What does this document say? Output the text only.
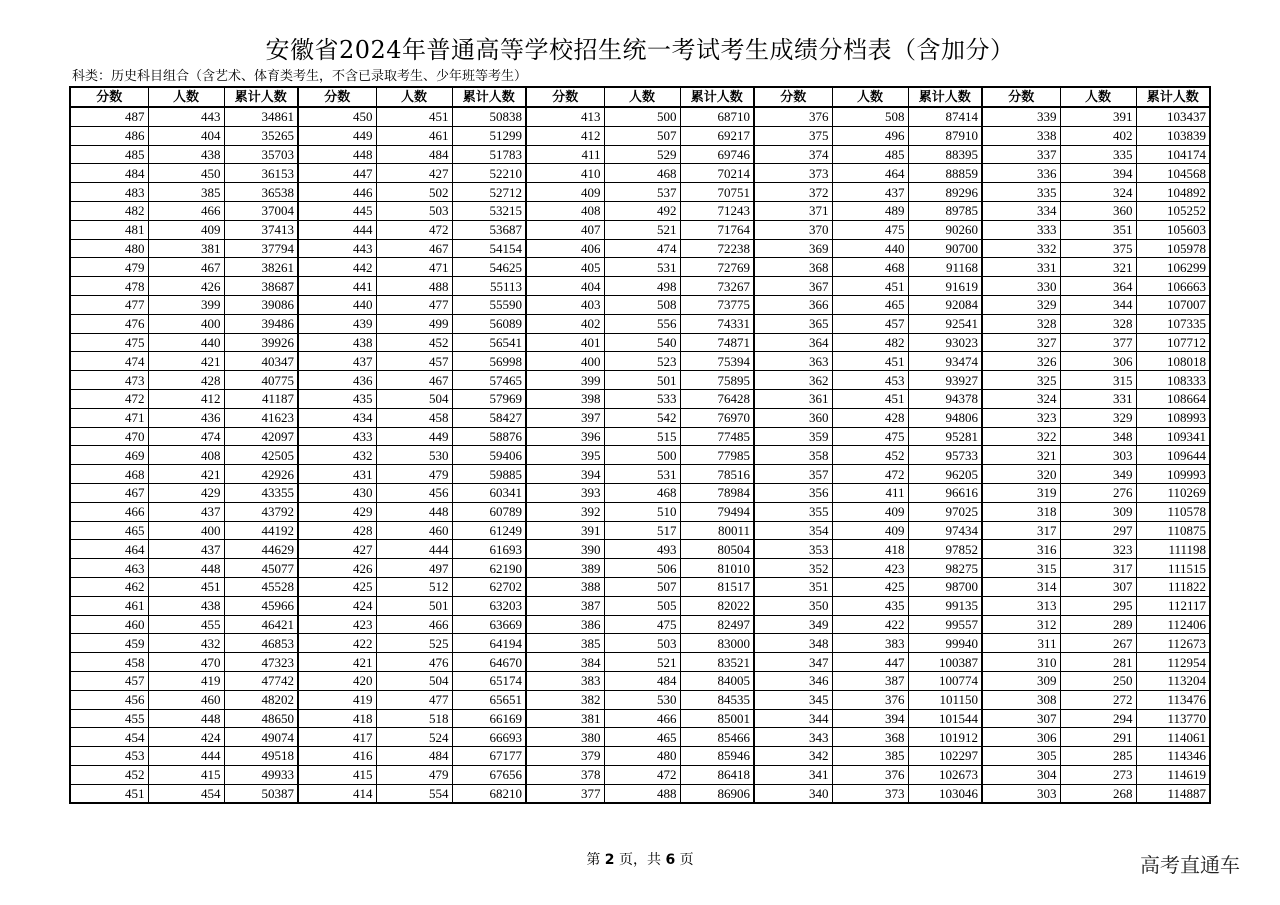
安徽省2024年普通高等学校招生统一考试考生成绩分档表（含加分）
科类：历史科目组合（含艺术、体育类考生，不含已录取考生、少年班等考生）
分数	人数	累计人数	分数	人数	累计人数	分数	人数	累计人数	分数	人数	累计人数	分数	人数	累计人数
487	443	34861	450	451	50838	413	500	68710	376	508	87414	339	391	103437
486	404	35265	449	461	51299	412	507	69217	375	496	87910	338	402	103839
485	438	35703	448	484	51783	411	529	69746	374	485	88395	337	335	104174
484	450	36153	447	427	52210	410	468	70214	373	464	88859	336	394	104568
483	385	36538	446	502	52712	409	537	70751	372	437	89296	335	324	104892
482	466	37004	445	503	53215	408	492	71243	371	489	89785	334	360	105252
481	409	37413	444	472	53687	407	521	71764	370	475	90260	333	351	105603
480	381	37794	443	467	54154	406	474	72238	369	440	90700	332	375	105978
479	467	38261	442	471	54625	405	531	72769	368	468	91168	331	321	106299
478	426	38687	441	488	55113	404	498	73267	367	451	91619	330	364	106663
477	399	39086	440	477	55590	403	508	73775	366	465	92084	329	344	107007
476	400	39486	439	499	56089	402	556	74331	365	457	92541	328	328	107335
475	440	39926	438	452	56541	401	540	74871	364	482	93023	327	377	107712
474	421	40347	437	457	56998	400	523	75394	363	451	93474	326	306	108018
473	428	40775	436	467	57465	399	501	75895	362	453	93927	325	315	108333
472	412	41187	435	504	57969	398	533	76428	361	451	94378	324	331	108664
471	436	41623	434	458	58427	397	542	76970	360	428	94806	323	329	108993
470	474	42097	433	449	58876	396	515	77485	359	475	95281	322	348	109341
469	408	42505	432	530	59406	395	500	77985	358	452	95733	321	303	109644
468	421	42926	431	479	59885	394	531	78516	357	472	96205	320	349	109993
467	429	43355	430	456	60341	393	468	78984	356	411	96616	319	276	110269
466	437	43792	429	448	60789	392	510	79494	355	409	97025	318	309	110578
465	400	44192	428	460	61249	391	517	80011	354	409	97434	317	297	110875
464	437	44629	427	444	61693	390	493	80504	353	418	97852	316	323	111198
463	448	45077	426	497	62190	389	506	81010	352	423	98275	315	317	111515
462	451	45528	425	512	62702	388	507	81517	351	425	98700	314	307	111822
461	438	45966	424	501	63203	387	505	82022	350	435	99135	313	295	112117
460	455	46421	423	466	63669	386	475	82497	349	422	99557	312	289	112406
459	432	46853	422	525	64194	385	503	83000	348	383	99940	311	267	112673
458	470	47323	421	476	64670	384	521	83521	347	447	100387	310	281	112954
457	419	47742	420	504	65174	383	484	84005	346	387	100774	309	250	113204
456	460	48202	419	477	65651	382	530	84535	345	376	101150	308	272	113476
455	448	48650	418	518	66169	381	466	85001	344	394	101544	307	294	113770
454	424	49074	417	524	66693	380	465	85466	343	368	101912	306	291	114061
453	444	49518	416	484	67177	379	480	85946	342	385	102297	305	285	114346
452	415	49933	415	479	67656	378	472	86418	341	376	102673	304	273	114619
451	454	50387	414	554	68210	377	488	86906	340	373	103046	303	268	114887
第 2 页，共 6 页	高考直通车
